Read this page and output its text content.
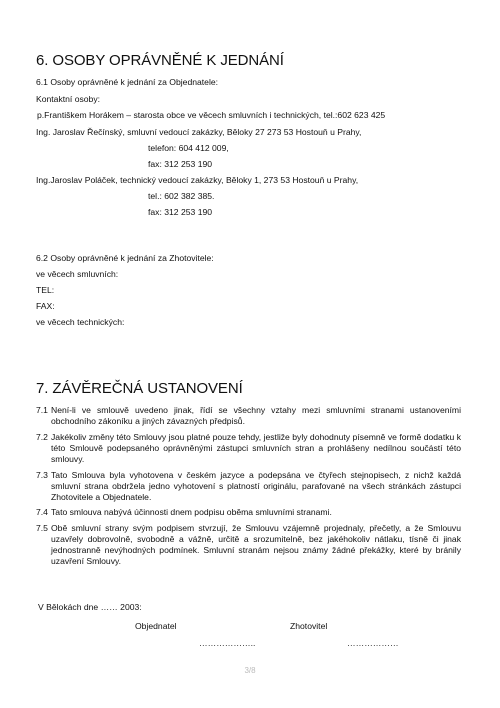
6. OSOBY OPRÁVNĚNÉ K JEDNÁNÍ

6.1 Osoby oprávněné k jednání za Objednatele:

Kontaktní osoby:

p.Františkem Horákem – starosta obce ve věcech smluvních i technických, tel.:602 623 425

Ing. Jaroslav Řečínský, smluvní vedoucí zakázky, Běloky 27 273 53 Hostouň u Prahy,

telefon: 604 412 009,

fax: 312 253 190

Ing.Jaroslav Poláček, technický vedoucí zakázky, Běloky 1, 273 53 Hostouň u Prahy,

tel.: 602 382 385.

fax: 312 253 190

6.2 Osoby oprávněné k jednání za Zhotovitele:

ve věcech smluvních:

TEL:

FAX:

ve věcech technických:

7. ZÁVĚREČNÁ USTANOVENÍ
7.1 Není-li ve smlouvě uvedeno jinak, řídí se všechny vztahy mezi smluvními stranami ustanoveními obchodního zákoníku a jiných závazných předpisů.

7.2 Jakékoliv změny této Smlouvy jsou platné pouze tehdy, jestliže byly dohodnuty písemně ve formě dodatku k této Smlouvě podepsaného oprávněnými zástupci smluvních stran a prohlášeny nedílnou součástí této smlouvy.

7.3 Tato Smlouva byla vyhotovena v českém jazyce a podepsána ve čtyřech stejnopisech, z nichž každá smluvní strana obdržela jedno vyhotovení s platností originálu, parafované na všech stránkách zástupci Zhotovitele a Objednatele.

7.4 Tato smlouva nabývá účinnosti dnem podpisu oběma smluvními stranami.

7.5 Obě smluvní strany svým podpisem stvrzují, že Smlouvu vzájemně projednaly, přečetly, a že Smlouvu uzavřely dobrovolně, svobodně a vážně, určitě a srozumitelně, bez jakéhokoliv nátlaku, tísně či jinak jednostranně nevýhodných podmínek. Smluvní stranám nejsou známy žádné překážky, které by bránily uzavření Smlouvy.

V Bělokách dne …… 2003:

Objednatel	Zhotovitel

………………..	………………
3/8
